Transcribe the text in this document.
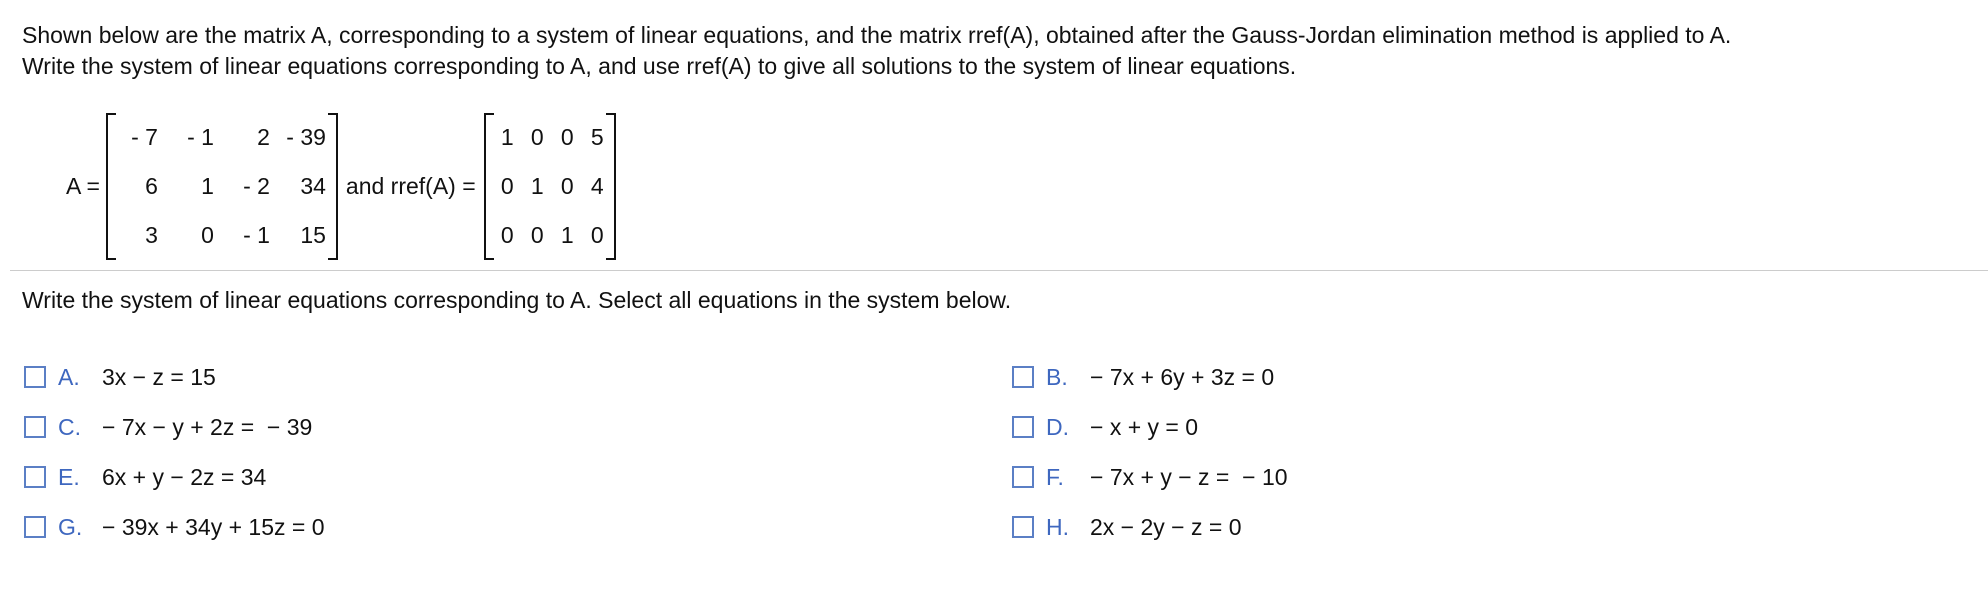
Shown below are the matrix A, corresponding to a system of linear equations, and the matrix rref(A), obtained after the Gauss-Jordan elimination method is applied to A.

Write the system of linear equations corresponding to A, and use rref(A) to give all solutions to the system of linear equations.

A =
- 7	- 1	2	- 39
6	1	- 2	34
3	0	- 1	15
and rref(A) =
1	0	0	5
0	1	0	4
0	0	1	0

Write the system of linear equations corresponding to A. Select all equations in the system below.

A. 3x − z = 15	B. − 7x + 6y + 3z = 0
C. − 7x − y + 2z =  − 39	D. − x + y = 0
E. 6x + y − 2z = 34	F.	− 7x + y − z =  − 10
G. − 39x + 34y + 15z = 0	H. 2x − 2y − z = 0
